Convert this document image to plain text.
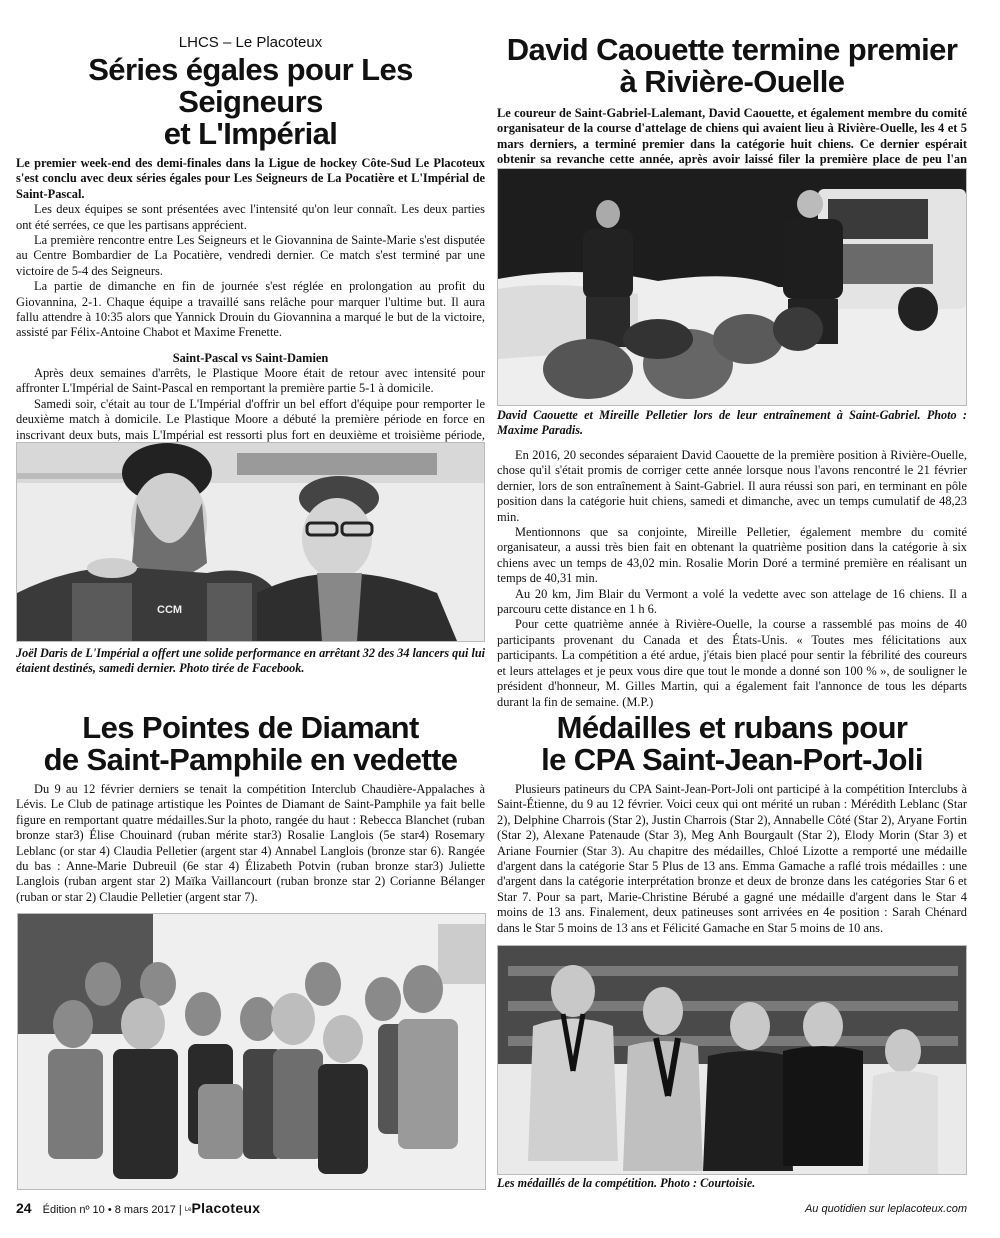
LHCS – Le Placoteux

Séries égales pour Les Seigneurs
et L'Impérial

Le premier week-end des demi-finales dans la Ligue de hockey Côte-Sud Le Placoteux s'est conclu avec deux séries égales pour Les Seigneurs de La Pocatière et L'Impérial de Saint-Pascal.

Les deux équipes se sont présentées avec l'intensité qu'on leur connaît. Les deux parties ont été serrées, ce que les partisans apprécient.

La première rencontre entre Les Seigneurs et le Giovannina de Sainte-Marie s'est disputée au Centre Bombardier de La Pocatière, vendredi dernier. Ce match s'est terminé par une victoire de 5-4 des Seigneurs.

La partie de dimanche en fin de journée s'est réglée en prolongation au profit du Giovannina, 2-1. Chaque équipe a travaillé sans relâche pour marquer l'ultime but. Il aura fallu attendre à 10:35 alors que Yannick Drouin du Giovannina a marqué le but de la victoire, assisté par Félix-Antoine Chabot et Maxime Frenette.

Saint-Pascal vs Saint-Damien

Après deux semaines d'arrêts, le Plastique Moore était de retour avec intensité pour affronter L'Impérial de Saint-Pascal en remportant la première partie 5-1 à domicile.

Samedi soir, c'était au tour de L'Impérial d'offrir un bel effort d'équipe pour remporter le deuxième match à domicile. Le Plastique Moore a débuté la première période en force en inscrivant deux buts, mais L'Impérial est ressorti plus fort en deuxième et troisième période,

CCM

Joël Daris de L'Impérial a offert une solide performance en arrêtant 32 des 34 lancers qui lui étaient destinés, samedi dernier. Photo tirée de Facebook.

David Caouette termine premier
à Rivière-Ouelle

Le coureur de Saint-Gabriel-Lalemant, David Caouette, et également membre du comité organisateur de la course d'attelage de chiens qui avaient lieu à Rivière-Ouelle, les 4 et 5 mars derniers, a terminé premier dans la catégorie huit chiens. Ce dernier espérait obtenir sa revanche cette année, après avoir laissé filer la première place de peu l'an

David Caouette et Mireille Pelletier lors de leur entraînement à Saint-Gabriel. Photo : Maxime Paradis.

En 2016, 20 secondes séparaient David Caouette de la première position à Rivière-Ouelle, chose qu'il s'était promis de corriger cette année lorsque nous l'avons rencontré le 21 février dernier, lors de son entraînement à Saint-Gabriel. Il aura réussi son pari, en terminant en pôle position dans la catégorie huit chiens, samedi et dimanche, avec un temps cumulatif de 48,23 min.

Mentionnons que sa conjointe, Mireille Pelletier, également membre du comité organisateur, a aussi très bien fait en obtenant la quatrième position dans la catégorie à six chiens avec un temps de 43,02 min. Rosalie Morin Doré a terminé première en réalisant un temps de 40,31 min.

Au 20 km, Jim Blair du Vermont a volé la vedette avec son attelage de 16 chiens. Il a parcouru cette distance en 1 h 6.

Pour cette quatrième année à Rivière-Ouelle, la course a rassemblé pas moins de 40 participants provenant du Canada et des États-Unis. « Toutes mes félicitations aux participants. La compétition a été ardue, j'étais bien placé pour sentir la fébrilité des coureurs et leurs attelages et je peux vous dire que tout le monde a donné son 100 % », de souligner le président d'honneur, M. Gilles Martin, qui a également fait l'annonce de tous les départs durant la fin de semaine. (M.P.)

Les Pointes de Diamant
de Saint-Pamphile en vedette

Du 9 au 12 février derniers se tenait la compétition Interclub Chaudière-Appalaches à Lévis. Le Club de patinage artistique les Pointes de Diamant de Saint-Pamphile ya fait belle figure en remportant quatre médailles.Sur la photo, rangée du haut : Rebecca Blanchet (ruban bronze star3) Élise Chouinard (ruban mérite star3) Rosalie Langlois (5e star4) Rosemary Leblanc (or star 4) Claudia Pelletier (argent star 4) Annabel Langlois (bronze star 6). Rangée du bas : Anne-Marie Dubreuil (6e star 4) Élizabeth Potvin (ruban bronze star3) Juliette Langlois (ruban argent star 2) Maïka Vaillancourt (ruban bronze star 2) Corianne Bélanger (ruban or star 2) Claudie Pelletier (argent star 7).

Médailles et rubans pour
le CPA Saint-Jean-Port-Joli

Plusieurs patineurs du CPA Saint-Jean-Port-Joli ont participé à la compétition Interclubs à Saint-Étienne, du 9 au 12 février. Voici ceux qui ont mérité un ruban : Mérédith Leblanc (Star 2), Delphine Charrois (Star 2), Justin Charrois (Star 2), Annabelle Côté (Star 2), Aryane Fortin (Star 2), Alexane Patenaude (Star 3), Meg Anh Bourgault (Star 2), Elody Morin (Star 3) et Ariane Fournier (Star 3). Au chapitre des médailles, Chloé Lizotte a remporté une médaille d'argent dans la catégorie Star 5 Plus de 13 ans. Emma Gamache a raflé trois médailles : une d'argent dans la catégorie interprétation bronze et deux de bronze dans les catégories Star 6 et Star 7. Pour sa part, Marie-Christine Bérubé a gagné une médaille d'argent dans le Star 4 moins de 13 ans. Finalement, deux patineuses sont arrivées en 4e position : Sarah Chénard dans le Star 5 moins de 13 ans et Félicité Gamache en Star 5 moins de 10 ans.

Les médaillés de la compétition. Photo : Courtoisie.

24 Édition nº 10 • 8 mars 2017 | LePlacoteux	Au quotidien sur leplacoteux.com
